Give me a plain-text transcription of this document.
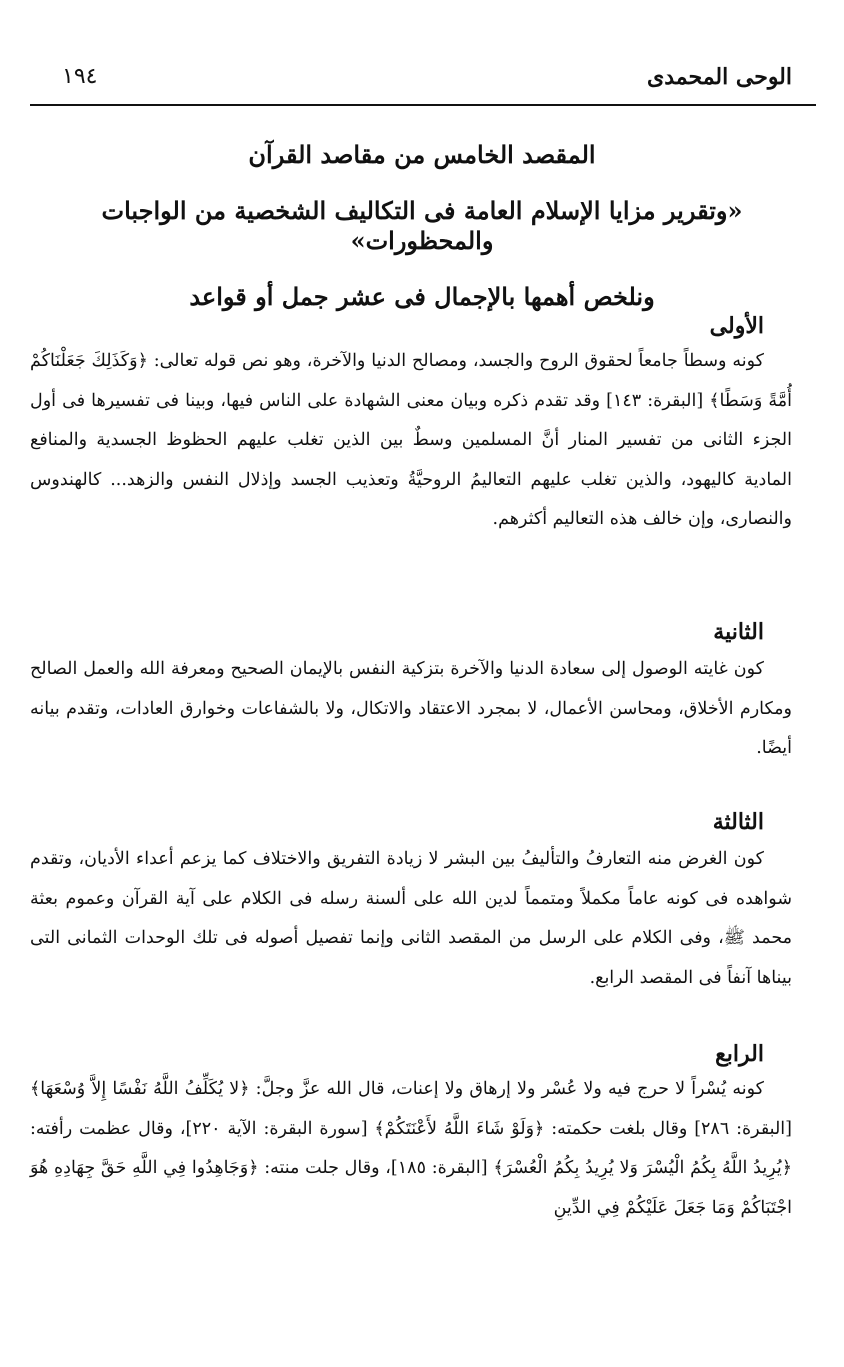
الوحى المحمدى
١٩٤
المقصد الخامس من مقاصد القرآن
«وتقرير مزايا الإسلام العامة فى التكاليف الشخصية من الواجبات والمحظورات»
ونلخص أهمها بالإجمال فى عشر جمل أو قواعد
الأولى

كونه وسطاً جامعاً لحقوق الروح والجسد، ومصالح الدنيا والآخرة، وهو نص قوله تعالى: ﴿وَكَذَلِكَ جَعَلْنَاكُمْ أُمَّةً وَسَطًا﴾ [البقرة: ١٤٣] وقد تقدم ذكره وبيان معنى الشهادة على الناس فيها، وبينا فى تفسيرها فى أول الجزء الثانى من تفسير المنار أنَّ المسلمين وسطٌ بين الذين تغلب عليهم الحظوظ الجسدية والمنافع المادية كاليهود، والذين تغلب عليهم التعاليمُ الروحيَّةُ وتعذيب الجسد وإذلال النفس والزهد... كالهندوس والنصارى، وإن خالف هذه التعاليم أكثرهم.

الثانية

كون غايته الوصول إلى سعادة الدنيا والآخرة بتزكية النفس بالإيمان الصحيح ومعرفة الله والعمل الصالح ومكارم الأخلاق، ومحاسن الأعمال، لا بمجرد الاعتقاد والاتكال، ولا بالشفاعات وخوارق العادات، وتقدم بيانه أيضًا.

الثالثة

كون الغرض منه التعارفُ والتأليفُ بين البشر لا زيادة التفريق والاختلاف كما يزعم أعداء الأديان، وتقدم شواهده فى كونه عاماً مكملاً ومتمماً لدين الله على ألسنة رسله فى الكلام على آية القرآن وعموم بعثة محمد ﷺ، وفى الكلام على الرسل من المقصد الثانى وإنما تفصيل أصوله فى تلك الوحدات الثمانى التى بيناها آنفاً فى المقصد الرابع.

الرابع

كونه يُسْراً لا حرج فيه ولا عُسْر ولا إرهاق ولا إعنات، قال الله عزَّ وجلَّ: ﴿لا يُكَلِّفُ اللَّهُ نَفْسًا إِلاَّ وُسْعَهَا﴾ [البقرة: ٢٨٦] وقال بلغت حكمته: ﴿وَلَوْ شَاءَ اللَّهُ لأَعْنَتَكُمْ﴾ [سورة البقرة: الآية ٢٢٠]، وقال عظمت رأفته: ﴿يُرِيدُ اللَّهُ بِكُمُ الْيُسْرَ وَلا يُرِيدُ بِكُمُ الْعُسْرَ﴾ [البقرة: ١٨٥]، وقال جلت منته: ﴿وَجَاهِدُوا فِي اللَّهِ حَقَّ جِهَادِهِ هُوَ اجْتَبَاكُمْ وَمَا جَعَلَ عَلَيْكُمْ فِي الدِّينِ
